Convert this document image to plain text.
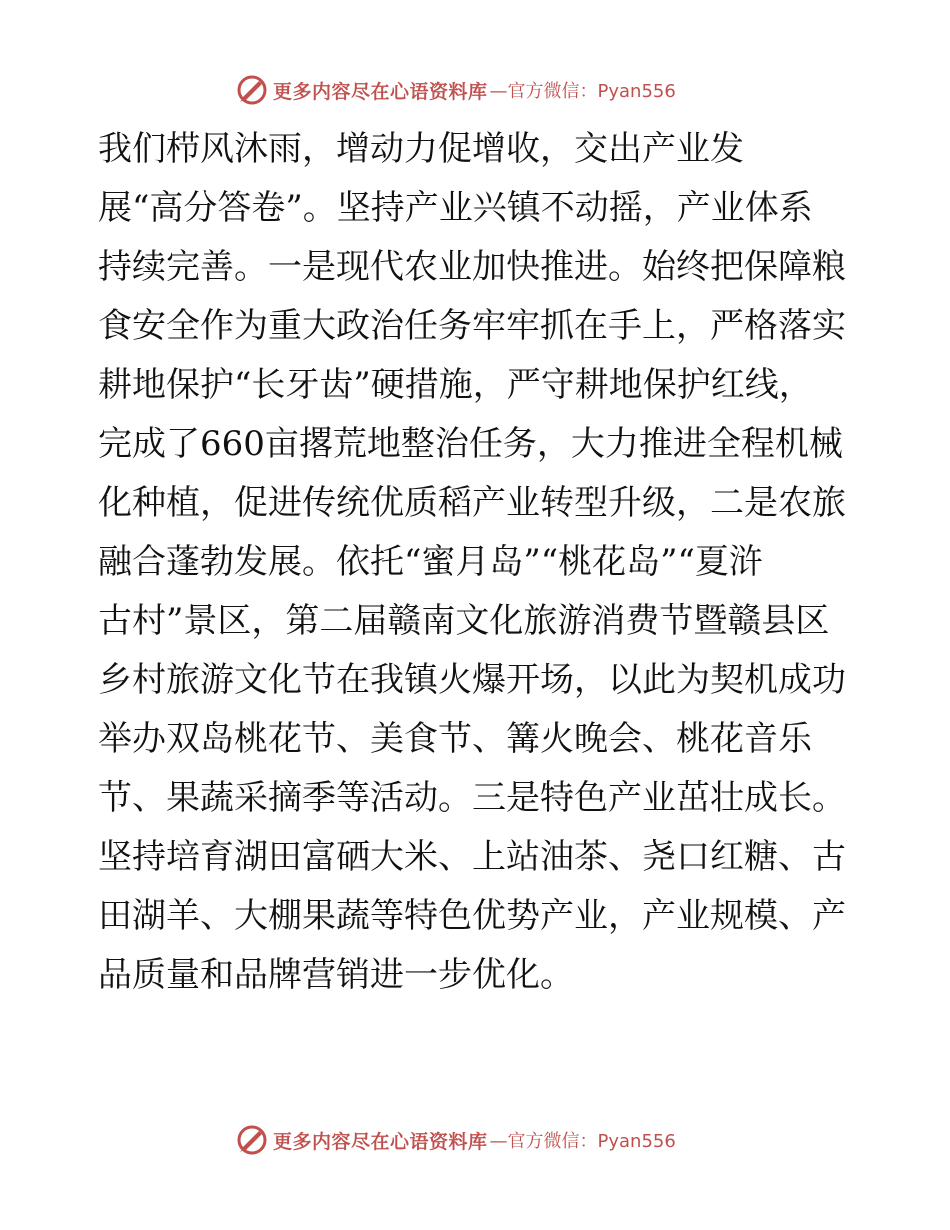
更多内容尽在心语资料库 —官方微信：Pyan556
我们栉风沐雨，增动力促增收，交出产业发
展“高分答卷”。坚持产业兴镇不动摇，产业体系
持续完善。一是现代农业加快推进。始终把保障粮
食安全作为重大政治任务牢牢抓在手上，严格落实
耕地保护“长牙齿”硬措施，严守耕地保护红线，
完成了660亩撂荒地整治任务，大力推进全程机械
化种植，促进传统优质稻产业转型升级，二是农旅
融合蓬勃发展。依托“蜜月岛”“桃花岛”“夏浒
古村”景区，第二届赣南文化旅游消费节暨赣县区
乡村旅游文化节在我镇火爆开场，以此为契机成功
举办双岛桃花节、美食节、篝火晚会、桃花音乐
节、果蔬采摘季等活动。三是特色产业茁壮成长。
坚持培育湖田富硒大米、上站油茶、尧口红糖、古
田湖羊、大棚果蔬等特色优势产业，产业规模、产
品质量和品牌营销进一步优化。
更多内容尽在心语资料库 —官方微信：Pyan556
